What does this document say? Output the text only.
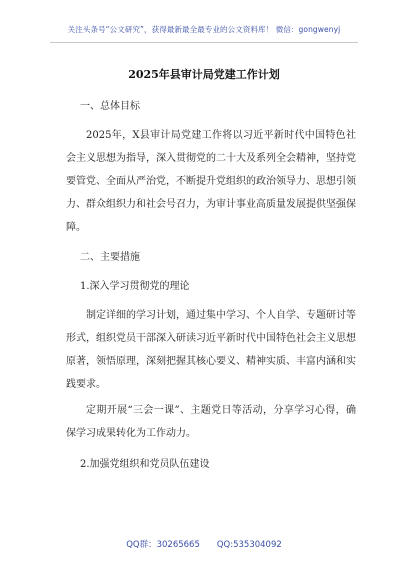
关注头条号“公文研究”，获得最新最全最专业的公文资料库！ 微信：gongwenyj
2025年县审计局党建工作计划
一、总体目标

2025年，X县审计局党建工作将以习近平新时代中国特色社会主义思想为指导，深入贯彻党的二十大及系列全会精神，坚持党要管党、全面从严治党，不断提升党组织的政治领导力、思想引领力、群众组织力和社会号召力，为审计事业高质量发展提供坚强保障。

二、主要措施
1.深入学习贯彻党的理论

制定详细的学习计划，通过集中学习、个人自学、专题研讨等形式，组织党员干部深入研读习近平新时代中国特色社会主义思想原著，领悟原理，深刻把握其核心要义、精神实质、丰富内涵和实践要求。

定期开展“三会一课”、主题党日等活动，分享学习心得，确保学习成果转化为工作动力。

2.加强党组织和党员队伍建设
QQ群：30265665　　QQ:535304092
